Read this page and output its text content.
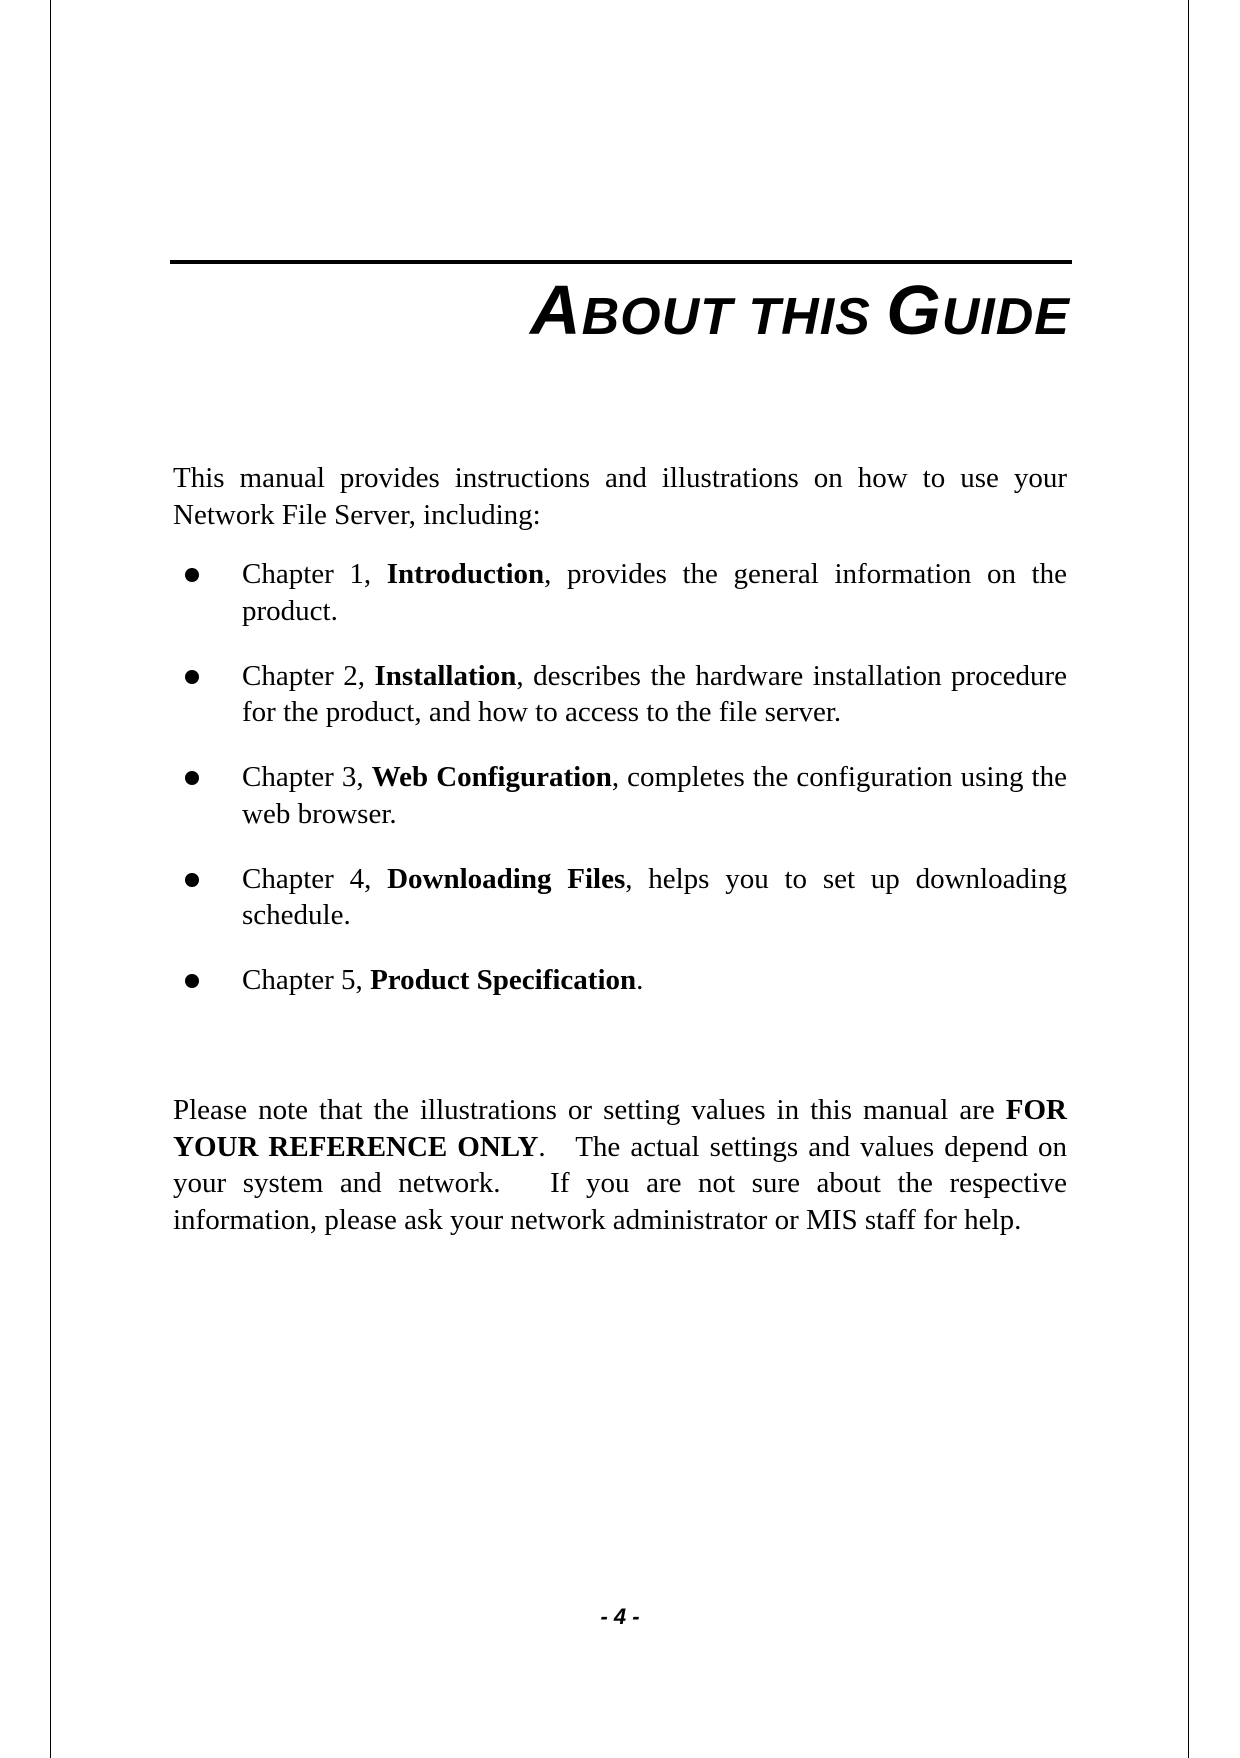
ABOUT THIS GUIDE

This manual provides instructions and illustrations on how to use your Network File Server, including:

Chapter 1, Introduction, provides the general information on the product.
Chapter 2, Installation, describes the hardware installation procedure for the product, and how to access to the file server.
Chapter 3, Web Configuration, completes the configuration using the web browser.
Chapter 4, Downloading Files, helps you to set up downloading schedule.
Chapter 5, Product Specification.

Please note that the illustrations or setting values in this manual are FOR YOUR REFERENCE ONLY.   The actual settings and values depend on your system and network.   If you are not sure about the respective information, please ask your network administrator or MIS staff for help.

- 4 -
